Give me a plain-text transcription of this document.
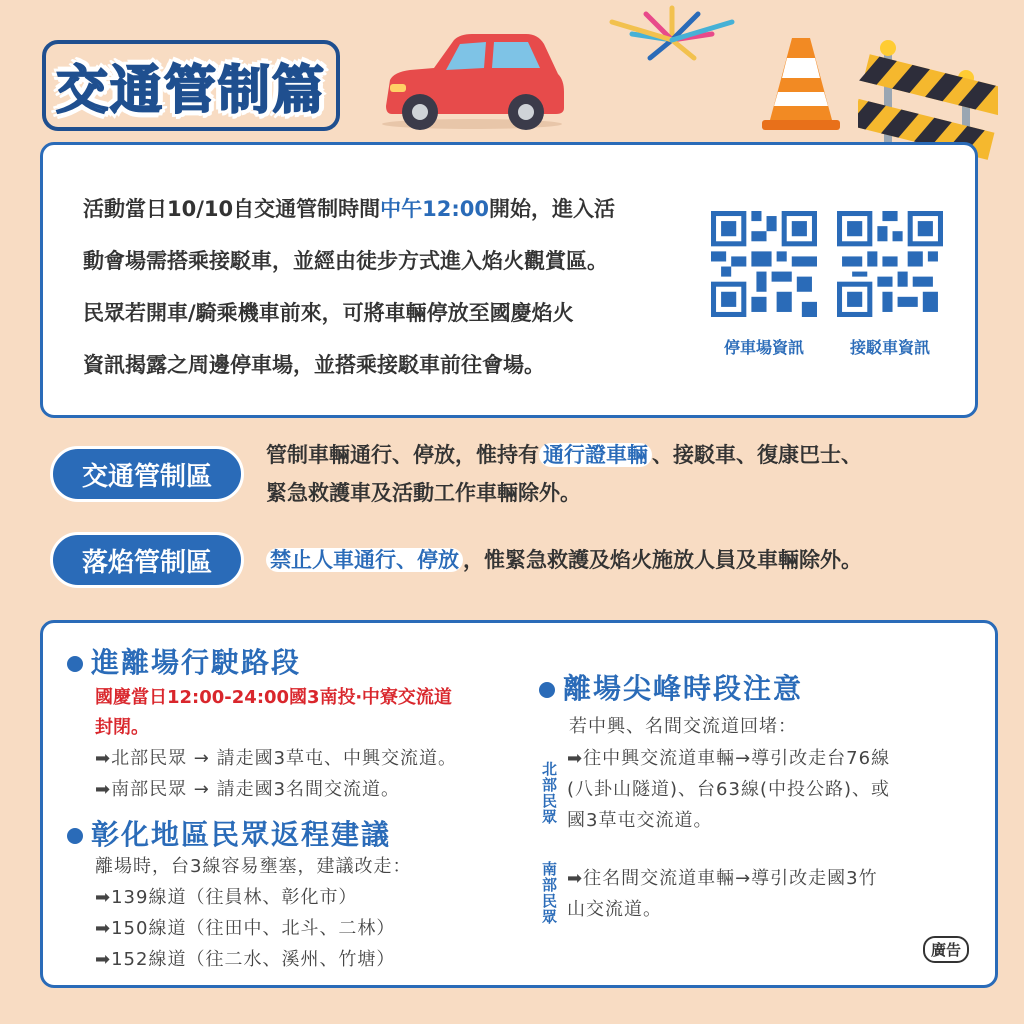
交通管制篇
活動當日10/10自交通管制時間中午12:00開始，進入活
動會場需搭乘接駁車，並經由徒步方式進入焰火觀賞區。
民眾若開車/騎乘機車前來，可將車輛停放至國慶焰火
資訊揭露之周邊停車場，並搭乘接駁車前往會場。
停車場資訊	接駁車資訊
交通管制區
管制車輛通行、停放，惟持有 通行證車輛 、接駁車、復康巴士、
緊急救護車及活動工作車輛除外。
落焰管制區	禁止人車通行、停放 ，惟緊急救護及焰火施放人員及車輛除外。
進離場行駛路段
國慶當日12:00-24:00國3南投‧中寮交流道
封閉。
➡北部民眾 → 請走國3草屯、中興交流道。
➡南部民眾 → 請走國3名間交流道。
彰化地區民眾返程建議
離場時，台3線容易壅塞，建議改走：
➡139線道（往員林、彰化市）
➡150線道（往田中、北斗、二林）
➡152線道（往二水、溪州、竹塘）
離場尖峰時段注意
若中興、名間交流道回堵：
北部民眾
➡往中興交流道車輛→導引改走台76線
(八卦山隧道)、台63線(中投公路)、或
國3草屯交流道。
南部民眾 ➡往名間交流道車輛→導引改走國3竹
山交流道。
廣告
